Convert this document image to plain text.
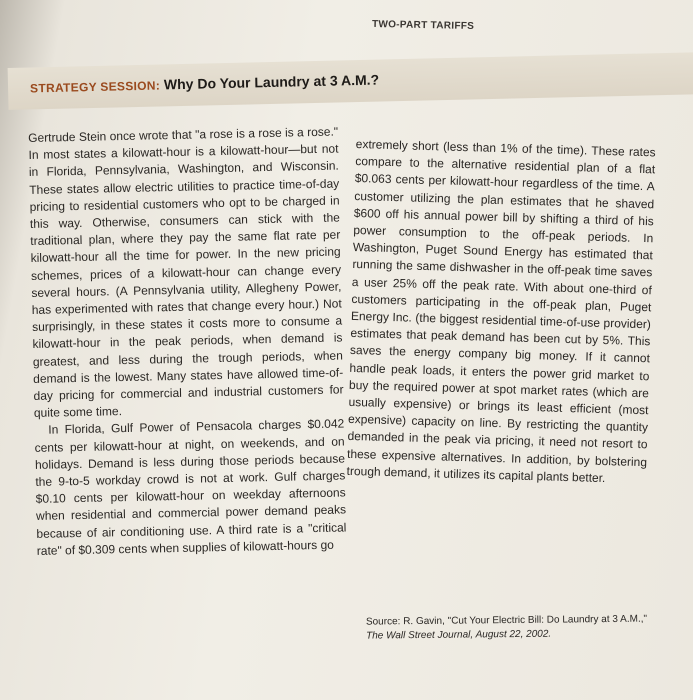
TWO-PART TARIFFS
STRATEGY SESSION: Why Do Your Laundry at 3 A.M.?

Gertrude Stein once wrote that "a rose is a rose is a rose." In most states a kilowatt-hour is a kilowatt-hour—but not in Florida, Pennsylvania, Washington, and Wisconsin. These states allow electric utilities to practice time-of-day pricing to residential customers who opt to be charged in this way. Otherwise, consumers can stick with the traditional plan, where they pay the same flat rate per kilowatt-hour all the time for power. In the new pricing schemes, prices of a kilowatt-hour can change every several hours. (A Pennsylvania utility, Allegheny Power, has experimented with rates that change every hour.) Not surprisingly, in these states it costs more to consume a kilowatt-hour in the peak periods, when demand is greatest, and less during the trough periods, when demand is the lowest. Many states have allowed time-of-day pricing for commercial and industrial customers for quite some time.

In Florida, Gulf Power of Pensacola charges $0.042 cents per kilowatt-hour at night, on weekends, and on holidays. Demand is less during those periods because the 9-to-5 workday crowd is not at work. Gulf charges $0.10 cents per kilowatt-hour on weekday afternoons when residential and commercial power demand peaks because of air conditioning use. A third rate is a "critical rate" of $0.309 cents when supplies of kilowatt-hours go

extremely short (less than 1% of the time). These rates compare to the alternative residential plan of a flat $0.063 cents per kilowatt-hour regardless of the time. A customer utilizing the plan estimates that he shaved $600 off his annual power bill by shifting a third of his power consumption to the off-peak periods. In Washington, Puget Sound Energy has estimated that running the same dishwasher in the off-peak time saves a user 25% off the peak rate. With about one-third of customers participating in the off-peak plan, Puget Energy Inc. (the biggest residential time-of-use provider) estimates that peak demand has been cut by 5%. This saves the energy company big money. If it cannot handle peak loads, it enters the power grid market to buy the required power at spot market rates (which are usually expensive) or brings its least efficient (most expensive) capacity on line. By restricting the quantity demanded in the peak via pricing, it need not resort to these expensive alternatives. In addition, by bolstering trough demand, it utilizes its capital plants better.

Source: R. Gavin, "Cut Your Electric Bill: Do Laundry at 3 A.M.,"
The Wall Street Journal, August 22, 2002.
